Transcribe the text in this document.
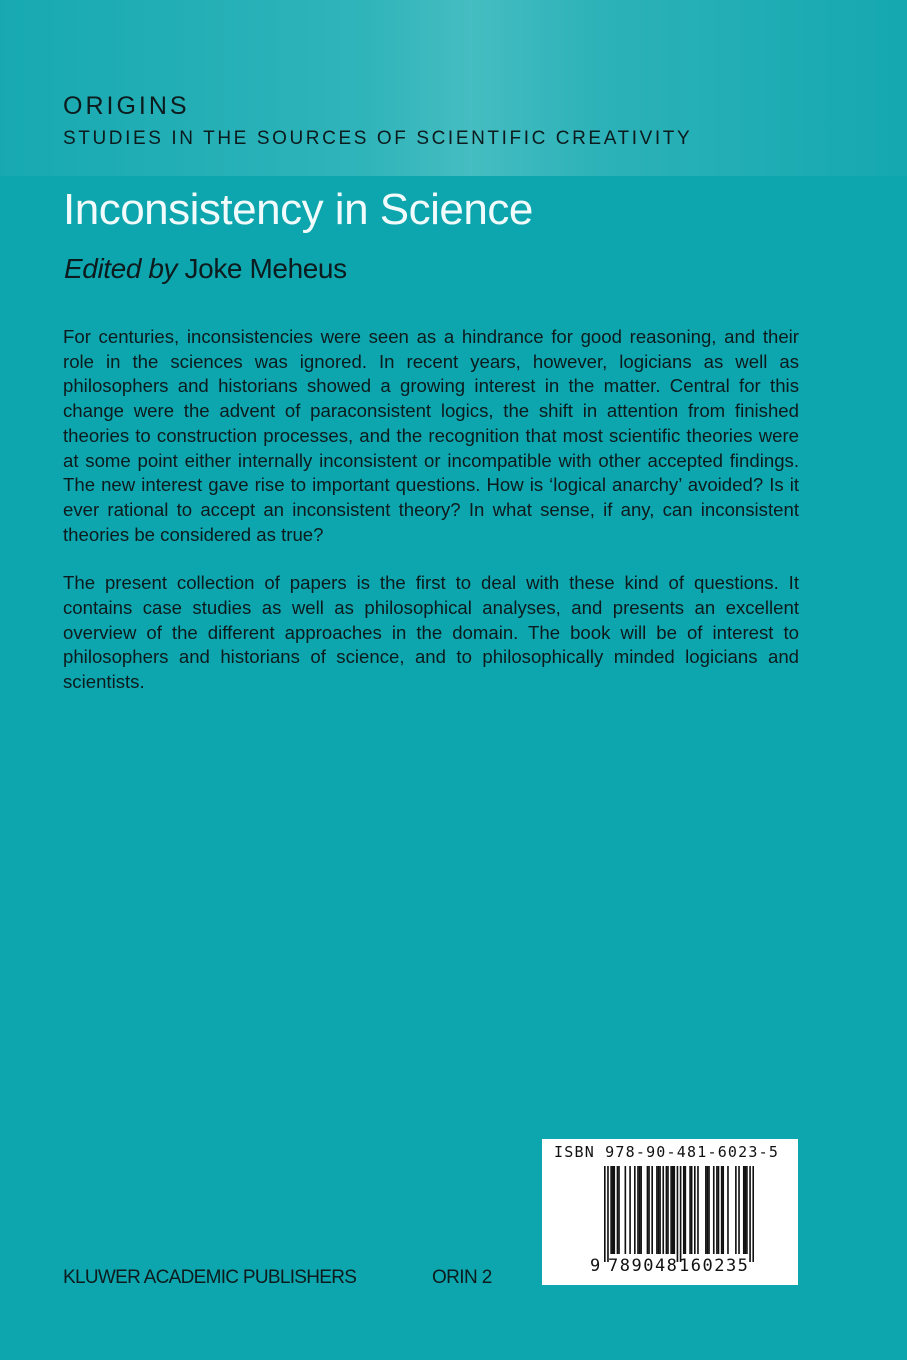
ORIGINS
STUDIES IN THE SOURCES OF SCIENTIFIC CREATIVITY
Inconsistency in Science
Edited by Joke Meheus

For centuries, inconsistencies were seen as a hindrance for good reasoning, and their role in the sciences was ignored. In recent years, however, logicians as well as philosophers and historians showed a growing interest in the matter. Central for this change were the advent of paraconsistent logics, the shift in attention from finished theories to construction processes, and the recognition that most scientific theories were at some point either internally inconsistent or incompatible with other accepted findings. The new interest gave rise to important questions. How is ‘logical anarchy’ avoided? Is it ever rational to accept an inconsistent theory? In what sense, if any, can inconsistent theories be considered as true?

The present collection of papers is the first to deal with these kind of questions. It contains case studies as well as philosophical analyses, and presents an excellent overview of the different approaches in the domain. The book will be of interest to philosophers and historians of science, and to philosophically minded logicians and scientists.

KLUWER ACADEMIC PUBLISHERS	ORIN 2
ISBN 978-90-481-6023-5
9 789048 160235
